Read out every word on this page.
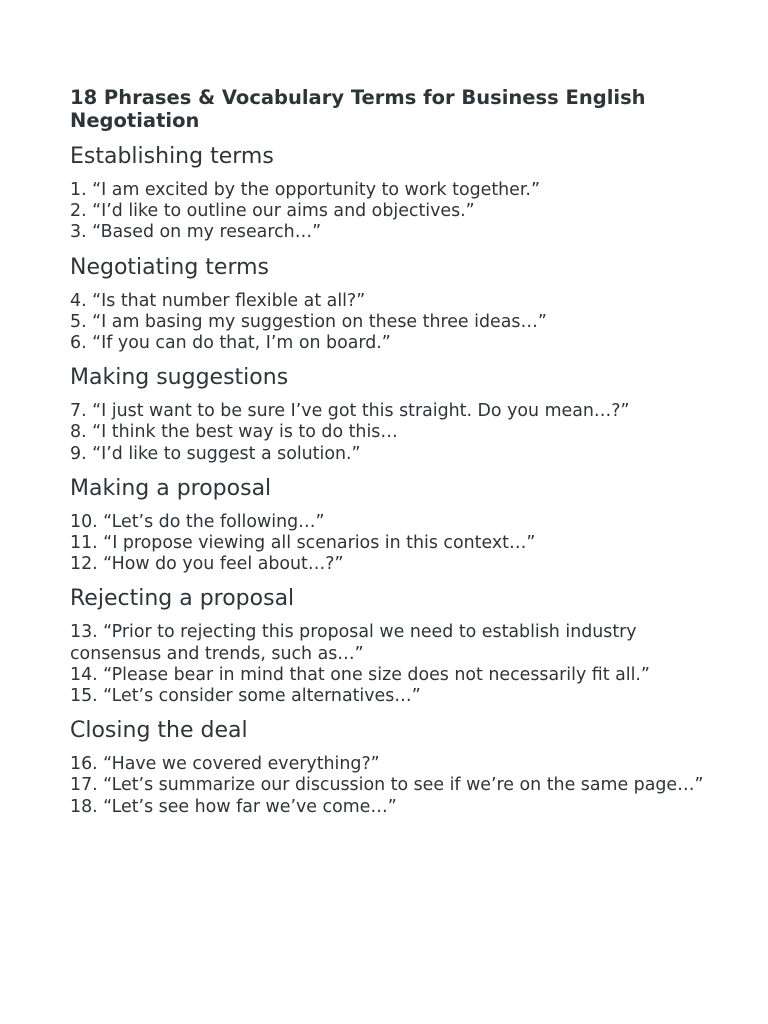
18 Phrases & Vocabulary Terms for Business English Negotiation
Establishing terms
1. “I am excited by the opportunity to work together.”
2. “I’d like to outline our aims and objectives.”
3. “Based on my research…”
Negotiating terms
4. “Is that number flexible at all?”
5. “I am basing my suggestion on these three ideas…”
6. “If you can do that, I’m on board.”
Making suggestions
7. “I just want to be sure I’ve got this straight. Do you mean…?”
8. “I think the best way is to do this…
9. “I’d like to suggest a solution.”
Making a proposal
10. “Let’s do the following…”
11. “I propose viewing all scenarios in this context…”
12. “How do you feel about…?”
Rejecting a proposal
13. “Prior to rejecting this proposal we need to establish industry consensus and trends, such as…”
14. “Please bear in mind that one size does not necessarily fit all.”
15. “Let’s consider some alternatives…”
Closing the deal
16. “Have we covered everything?”
17. “Let’s summarize our discussion to see if we’re on the same page…”
18. “Let’s see how far we’ve come…”
